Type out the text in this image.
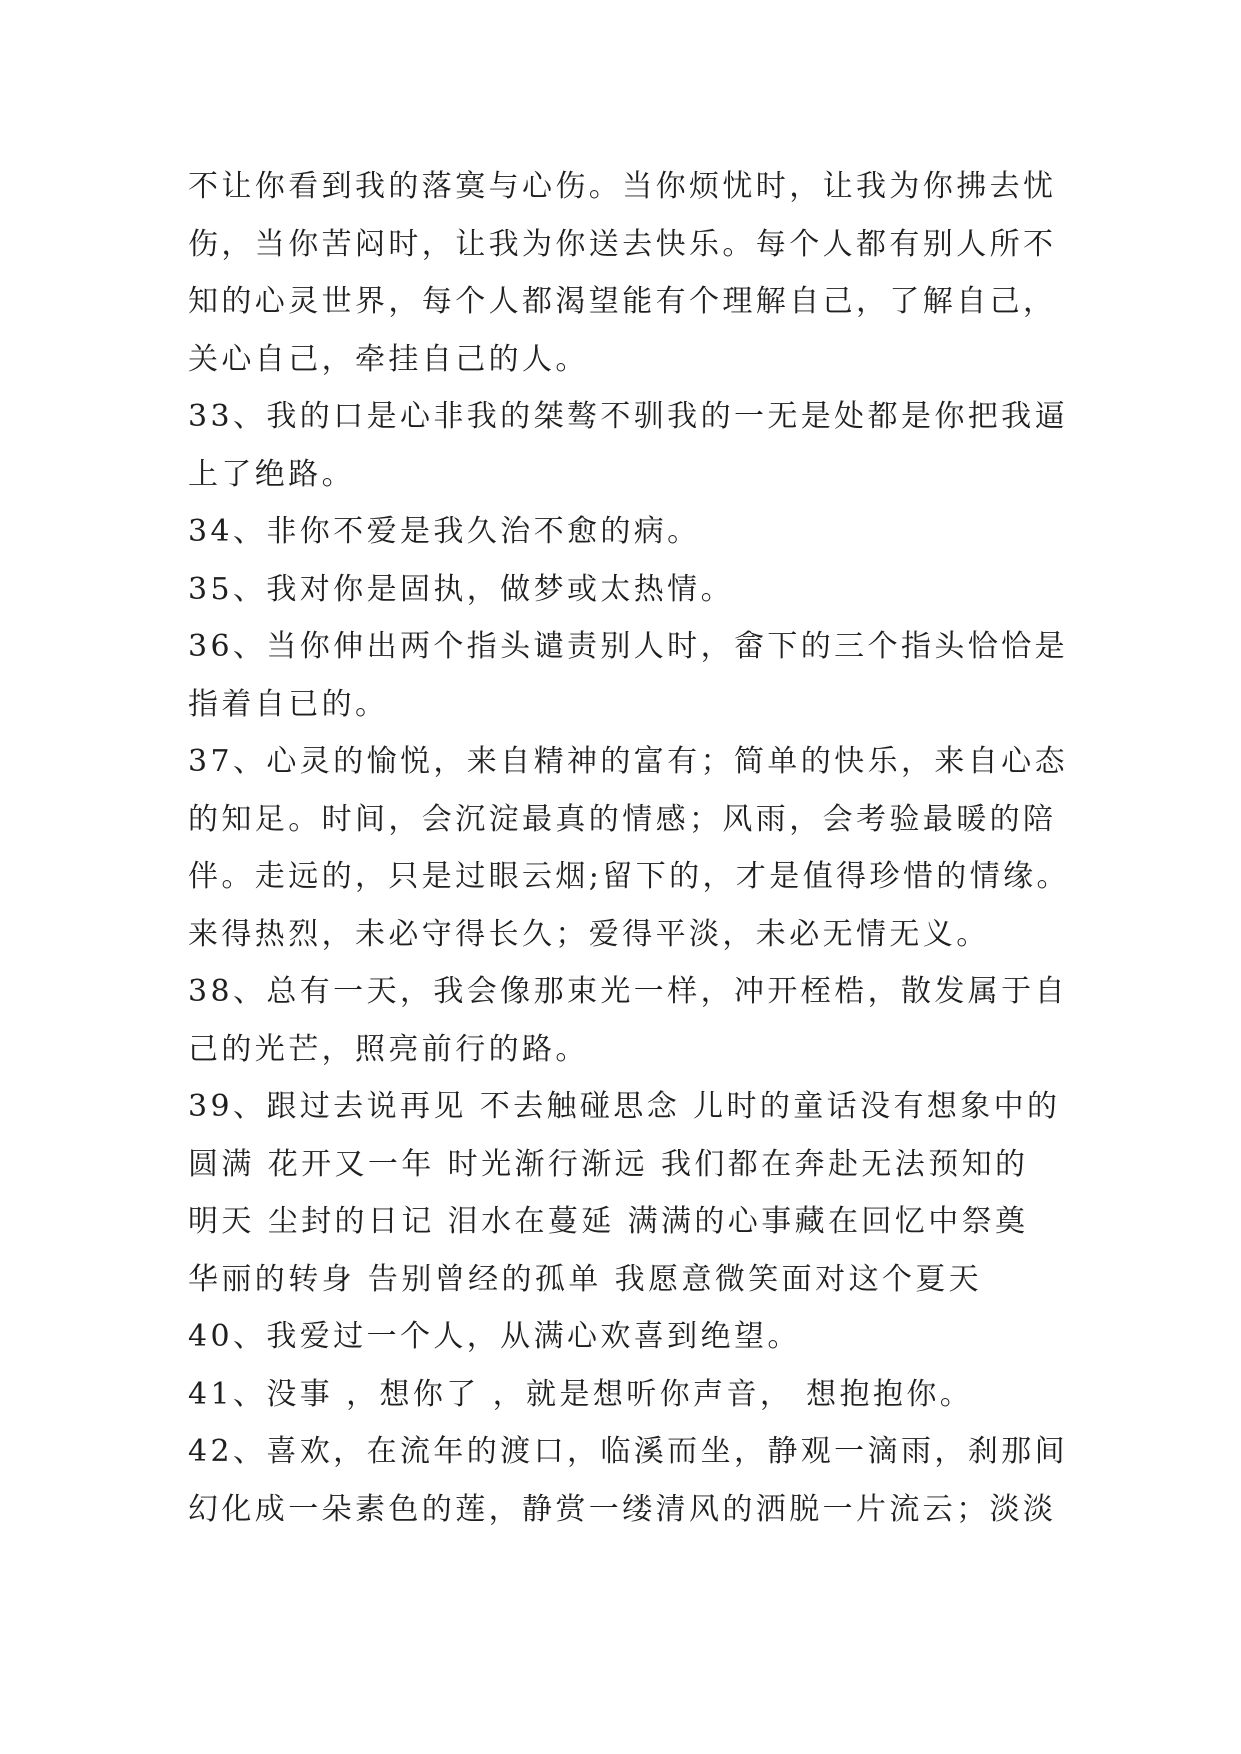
不让你看到我的落寞与心伤。当你烦忧时，让我为你拂去忧
伤，当你苦闷时，让我为你送去快乐。每个人都有别人所不
知的心灵世界，每个人都渴望能有个理解自己，了解自己，
关心自己，牵挂自己的人。
33、我的口是心非我的桀骜不驯我的一无是处都是你把我逼
上了绝路。
34、非你不爱是我久治不愈的病。
35、我对你是固执，做梦或太热情。
36、当你伸出两个指头谴责别人时，畲下的三个指头恰恰是
指着自已的。
37、心灵的愉悦，来自精神的富有；简单的快乐，来自心态
的知足。时间，会沉淀最真的情感；风雨，会考验最暖的陪
伴。走远的，只是过眼云烟;留下的，才是值得珍惜的情缘。
来得热烈，未必守得长久；爱得平淡，未必无情无义。
38、总有一天，我会像那束光一样，冲开桎梏，散发属于自
己的光芒，照亮前行的路。
39、跟过去说再见 不去触碰思念 儿时的童话没有想象中的
圆满 花开又一年 时光渐行渐远 我们都在奔赴无法预知的
明天 尘封的日记 泪水在蔓延 满满的心事藏在回忆中祭奠
华丽的转身 告别曾经的孤单 我愿意微笑面对这个夏天
40、我爱过一个人，从满心欢喜到绝望。
41、没事 ，想你了 ，就是想听你声音， 想抱抱你。
42、喜欢，在流年的渡口，临溪而坐，静观一滴雨，刹那间
幻化成一朵素色的莲，静赏一缕清风的洒脱一片流云；淡淡
